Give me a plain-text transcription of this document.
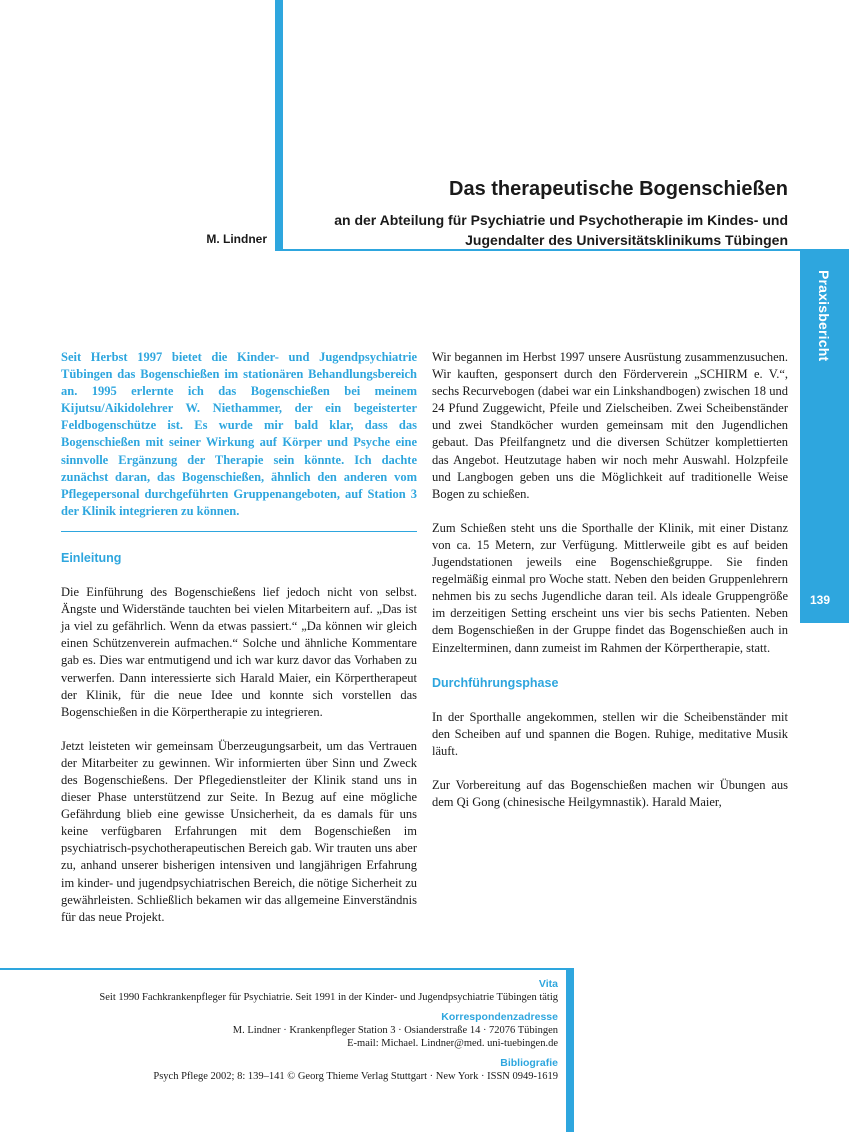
Das therapeutische Bogenschießen

an der Abteilung für Psychiatrie und Psychotherapie im Kindes- und
Jugendalter des Universitätsklinikums Tübingen

M. Lindner
Praxisbericht
139

Seit Herbst 1997 bietet die Kinder- und Jugendpsychiatrie Tübingen das Bogenschießen im stationären Behandlungsbereich an. 1995 erlernte ich das Bogenschießen bei meinem Kijutsu/Aikidolehrer W. Niethammer, der ein begeisterter Feldbogenschütze ist. Es wurde mir bald klar, dass das Bogenschießen mit seiner Wirkung auf Körper und Psyche eine sinnvolle Ergänzung der Therapie sein könnte. Ich dachte zunächst daran, das Bogenschießen, ähnlich den anderen vom Pflegepersonal durchgeführten Gruppenangeboten, auf Station 3 der Klinik integrieren zu können.

Einleitung

Die Einführung des Bogenschießens lief jedoch nicht von selbst. Ängste und Widerstände tauchten bei vielen Mitarbeitern auf. „Das ist ja viel zu gefährlich. Wenn da etwas passiert.“ „Da können wir gleich einen Schützenverein aufmachen.“ Solche und ähnliche Kommentare gab es. Dies war entmutigend und ich war kurz davor das Vorhaben zu verwerfen. Dann interessierte sich Harald Maier, ein Körpertherapeut der Klinik, für die neue Idee und konnte sich vorstellen das Bogenschießen in die Körpertherapie zu integrieren.

Jetzt leisteten wir gemeinsam Überzeugungsarbeit, um das Vertrauen der Mitarbeiter zu gewinnen. Wir informierten über Sinn und Zweck des Bogenschießens. Der Pflegedienstleiter der Klinik stand uns in dieser Phase unterstützend zur Seite. In Bezug auf eine mögliche Gefährdung blieb eine gewisse Unsicherheit, da es damals für uns keine verfügbaren Erfahrungen mit dem Bogenschießen im psychiatrisch-psychotherapeutischen Bereich gab. Wir trauten uns aber zu, anhand unserer bisherigen intensiven und langjährigen Erfahrung im kinder- und jugendpsychiatrischen Bereich, die nötige Sicherheit zu gewährleisten. Schließlich bekamen wir das allgemeine Einverständnis für das neue Projekt.

Wir begannen im Herbst 1997 unsere Ausrüstung zusammenzusuchen. Wir kauften, gesponsert durch den Förderverein „SCHIRM e. V.“, sechs Recurvebogen (dabei war ein Linkshandbogen) zwischen 18 und 24 Pfund Zuggewicht, Pfeile und Zielscheiben. Zwei Scheibenständer und zwei Standköcher wurden gemeinsam mit den Jugendlichen gebaut. Das Pfeilfangnetz und die diversen Schützer komplettierten das Angebot. Heutzutage haben wir noch mehr Auswahl. Holzpfeile und Langbogen geben uns die Möglichkeit auf traditionelle Weise Bogen zu schießen.

Zum Schießen steht uns die Sporthalle der Klinik, mit einer Distanz von ca. 15 Metern, zur Verfügung. Mittlerweile gibt es auf beiden Jugendstationen jeweils eine Bogenschießgruppe. Sie finden regelmäßig einmal pro Woche statt. Neben den beiden Gruppenlehrern nehmen bis zu sechs Jugendliche daran teil. Als ideale Gruppengröße im derzeitigen Setting erscheint uns vier bis sechs Patienten. Neben dem Bogenschießen in der Gruppe findet das Bogenschießen auch in Einzelterminen, dann zumeist im Rahmen der Körpertherapie, statt.

Durchführungsphase

In der Sporthalle angekommen, stellen wir die Scheibenständer mit den Scheiben auf und spannen die Bogen. Ruhige, meditative Musik läuft.

Zur Vorbereitung auf das Bogenschießen machen wir Übungen aus dem Qi Gong (chinesische Heilgymnastik). Harald Maier,

Vita
Seit 1990 Fachkrankenpfleger für Psychiatrie. Seit 1991 in der Kinder- und Jugendpsychiatrie Tübingen tätig
Korrespondenzadresse
M. Lindner · Krankenpfleger Station 3 · Osianderstraße 14 · 72076 Tübingen
E-mail: Michael. Lindner@med. uni-tuebingen.de
Bibliografie
Psych Pflege 2002; 8: 139–141 © Georg Thieme Verlag Stuttgart · New York · ISSN 0949-1619
